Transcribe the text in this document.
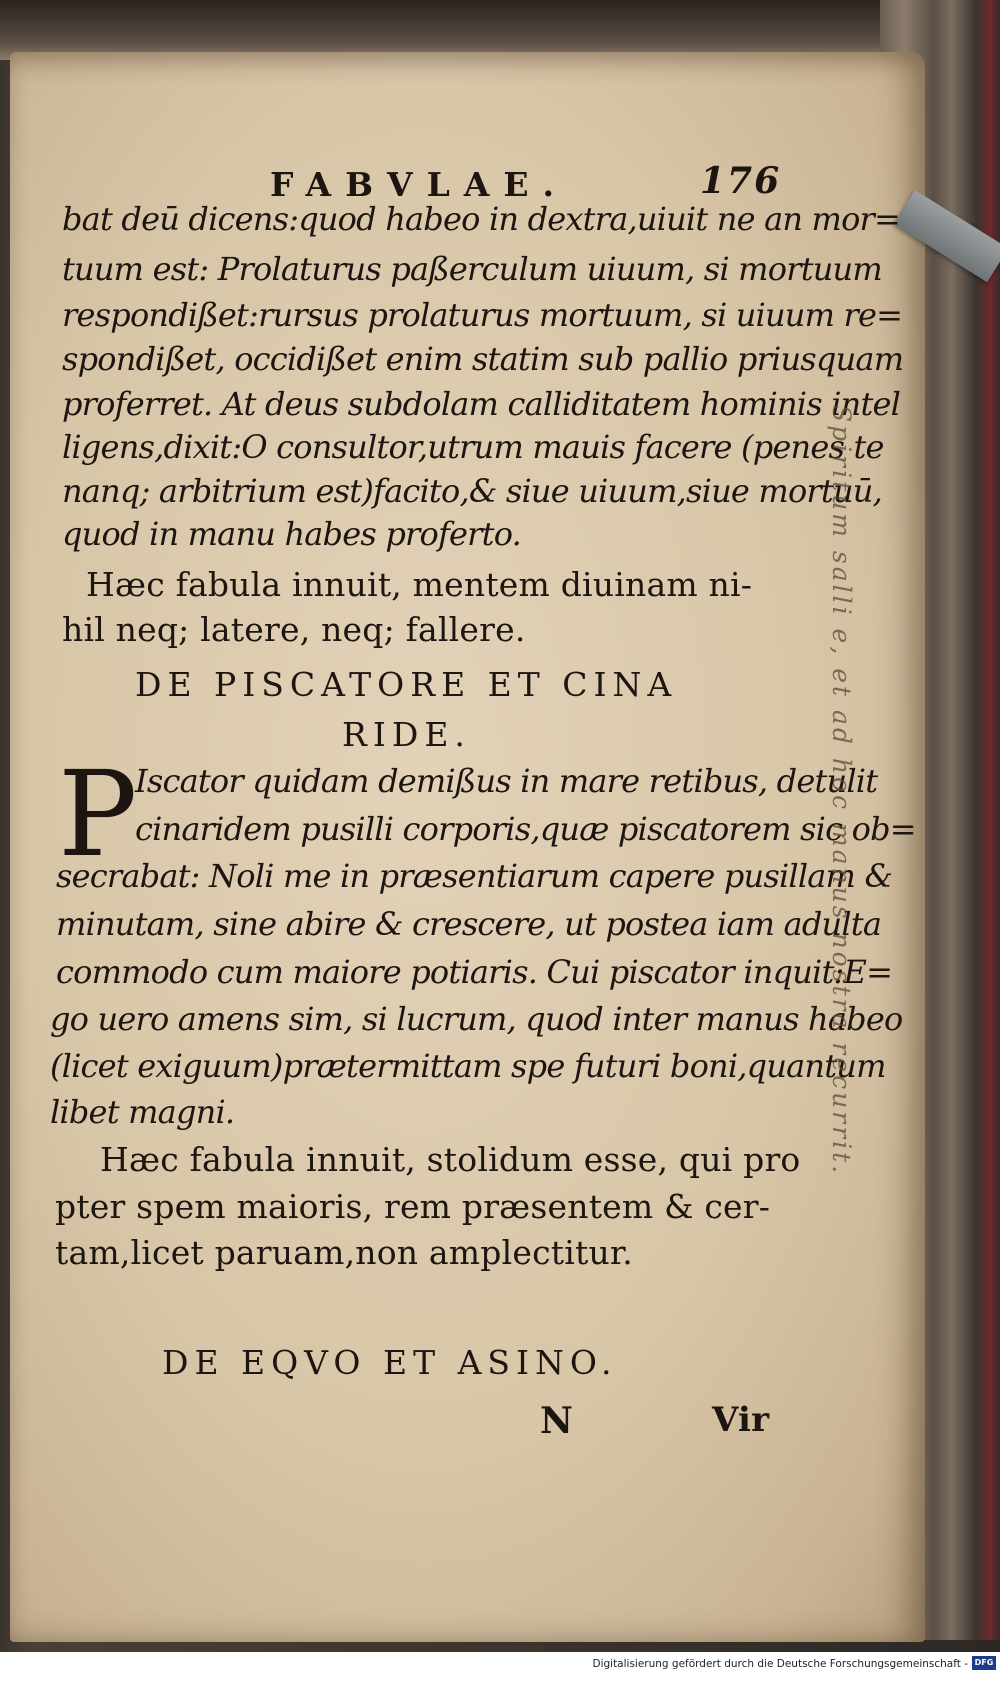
FABVLAE.	176
bat deū dicens:quod habeo in dextra,uiuit ne an mor=
tuum est: Prolaturus paßerculum uiuum, si mortuum
respondißet:rursus prolaturus mortuum, si uiuum re=
spondißet, occidißet enim statim sub pallio priusquam
proferret. At deus subdolam calliditatem hominis intel
ligens,dixit:O consultor,utrum mauis facere (penes te
nanq; arbitrium est)facito,& siue uiuum,siue mortuū,
quod in manu habes proferto.
Hæc fabula innuit, mentem diuinam ni-
hil neq; latere, neq; fallere.
DE PISCATORE ET CINA
RIDE.
P
Iscator quidam demißus in mare retibus, detulit
cinaridem pusilli corporis,quæ piscatorem sic ob=
secrabat: Noli me in præsentiarum capere pusillam &
minutam, sine abire & crescere, ut postea iam adulta
commodo cum maiore potiaris. Cui piscator inquit:E=
go uero amens sim, si lucrum, quod inter manus habeo
(licet exiguum)prætermittam spe futuri boni,quantum
libet magni.
Hæc fabula innuit, stolidum esse, qui pro
pter spem maioris, rem præsentem & cer-
tam,licet paruam,non amplectitur.
DE EQVO ET ASINO.
N	Vir
Spiritum salli e, et ad hoc manus nostra recurrit.
Digitalisierung gefördert durch die Deutsche Forschungsgemeinschaft - DFG
